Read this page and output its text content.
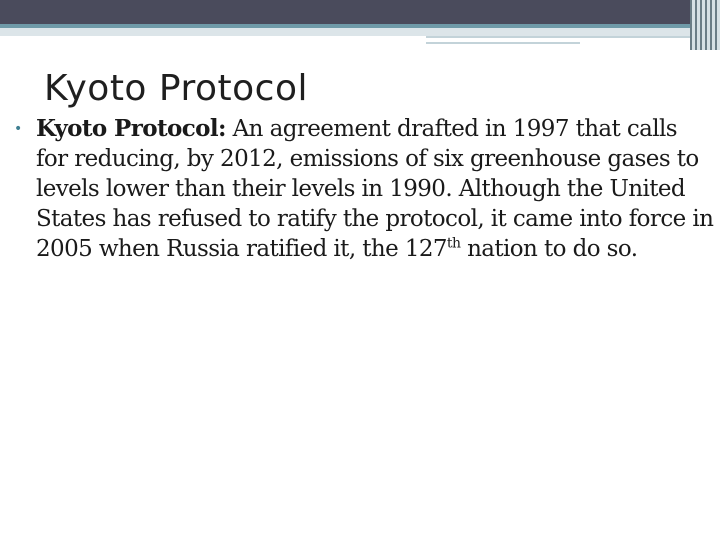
Kyoto Protocol
• Kyoto Protocol: An agreement drafted in 1997 that calls for reducing, by 2012, emissions of six greenhouse gases to levels lower than their levels in 1990. Although the United States has refused to ratify the protocol, it came into force in 2005 when Russia ratified it, the 127th nation to do so.
